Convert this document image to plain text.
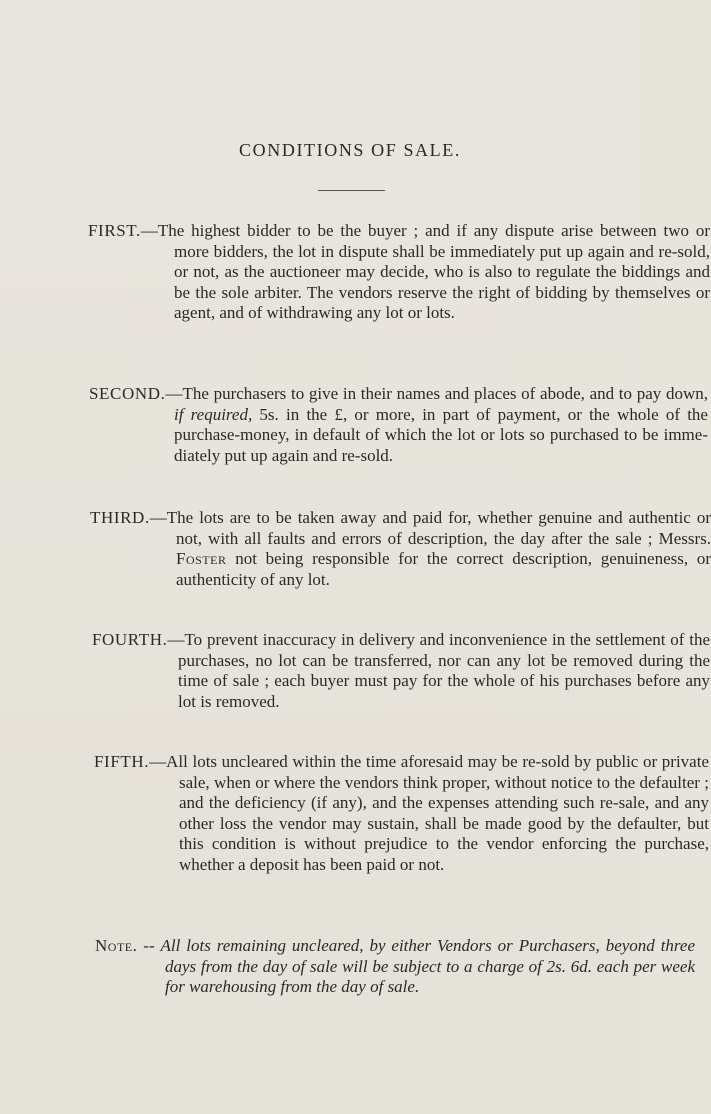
CONDITIONS OF SALE.

FIRST.—The highest bidder to be the buyer ; and if any dispute arise between two or more bidders, the lot in dispute shall be immediately put up again and re-sold, or not, as the auctioneer may decide, who is also to regulate the biddings and be the sole arbiter. The vendors reserve the right of bidding by themselves or agent, and of withdrawing any lot or lots.

SECOND.—The purchasers to give in their names and places of abode, and to pay down, if required, 5s. in the £, or more, in part of payment, or the whole of the purchase-money, in default of which the lot or lots so purchased to be immediately put up again and re-sold.

THIRD.—The lots are to be taken away and paid for, whether genuine and authentic or not, with all faults and errors of description, the day after the sale ; Messrs. Foster not being responsible for the correct description, genuineness, or authenticity of any lot.

FOURTH.—To prevent inaccuracy in delivery and inconvenience in the settlement of the purchases, no lot can be transferred, nor can any lot be removed during the time of sale ; each buyer must pay for the whole of his purchases before any lot is removed.

FIFTH.—All lots uncleared within the time aforesaid may be re-sold by public or private sale, when or where the vendors think proper, without notice to the defaulter ; and the deficiency (if any), and the expenses attending such re-sale, and any other loss the vendor may sustain, shall be made good by the defaulter, but this condition is without prejudice to the vendor enforcing the purchase, whether a deposit has been paid or not.

Note. -- All lots remaining uncleared, by either Vendors or Purchasers, beyond three days from the day of sale will be subject to a charge of 2s. 6d. each per week for warehousing from the day of sale.
